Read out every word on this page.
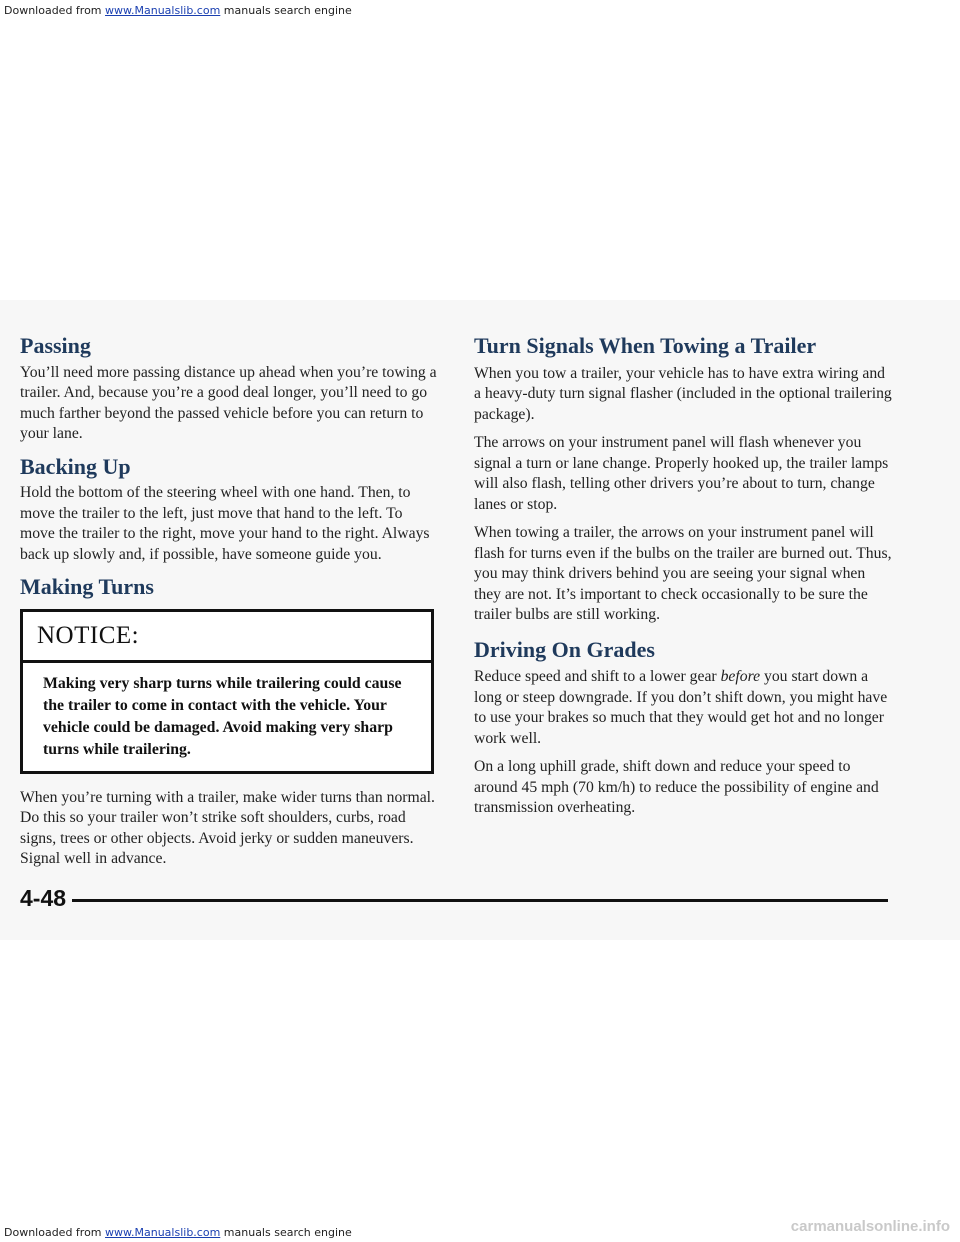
Downloaded from www.Manualslib.com manuals search engine
Passing

You’ll need more passing distance up ahead when you’re towing a trailer. And, because you’re a good deal longer, you’ll need to go much farther beyond the passed vehicle before you can return to your lane.

Backing Up

Hold the bottom of the steering wheel with one hand. Then, to move the trailer to the left, just move that hand to the left. To move the trailer to the right, move your hand to the right. Always back up slowly and, if possible, have someone guide you.

Making Turns
NOTICE:
Making very sharp turns while trailering could cause the trailer to come in contact with the vehicle. Your vehicle could be damaged. Avoid making very sharp turns while trailering.

When you’re turning with a trailer, make wider turns than normal. Do this so your trailer won’t strike soft shoulders, curbs, road signs, trees or other objects. Avoid jerky or sudden maneuvers. Signal well in advance.

Turn Signals When Towing a Trailer

When you tow a trailer, your vehicle has to have extra wiring and a heavy-duty turn signal flasher (included in the optional trailering package).

The arrows on your instrument panel will flash whenever you signal a turn or lane change. Properly hooked up, the trailer lamps will also flash, telling other drivers you’re about to turn, change lanes or stop.

When towing a trailer, the arrows on your instrument panel will flash for turns even if the bulbs on the trailer are burned out. Thus, you may think drivers behind you are seeing your signal when they are not. It’s important to check occasionally to be sure the trailer bulbs are still working.

Driving On Grades

Reduce speed and shift to a lower gear before you start down a long or steep downgrade. If you don’t shift down, you might have to use your brakes so much that they would get hot and no longer work well.

On a long uphill grade, shift down and reduce your speed to around 45 mph (70 km/h) to reduce the possibility of engine and transmission overheating.

4-48
Downloaded from www.Manualslib.com manuals search engine	carmanualsonline.info
